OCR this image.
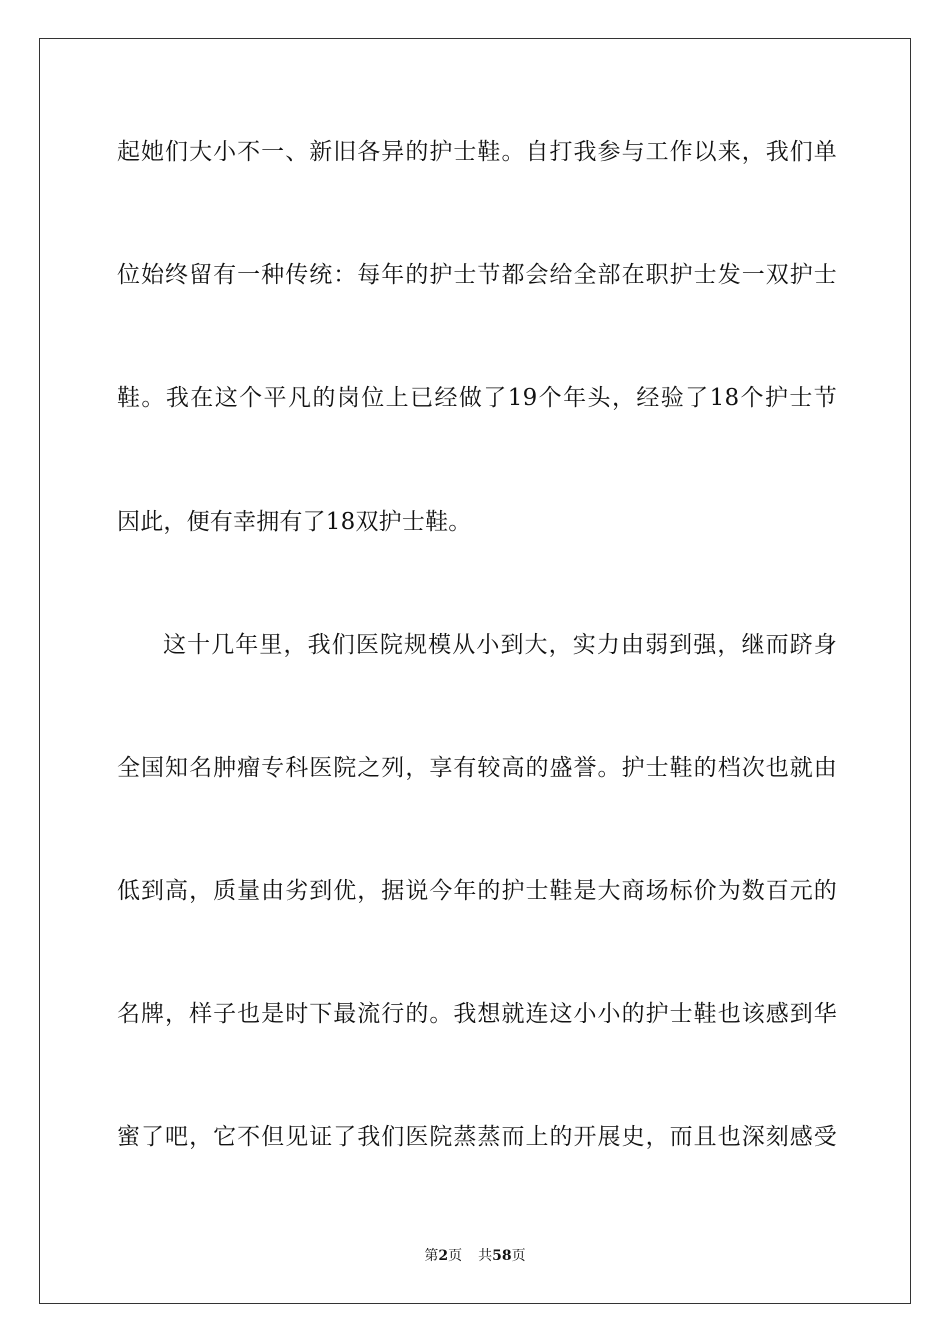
起她们大小不一、新旧各异的护士鞋。自打我参与工作以来，我们单
位始终留有一种传统：每年的护士节都会给全部在职护士发一双护士
鞋。我在这个平凡的岗位上已经做了19个年头，经验了18个护士节
因此，便有幸拥有了18双护士鞋。
这十几年里，我们医院规模从小到大，实力由弱到强，继而跻身
全国知名肿瘤专科医院之列，享有较高的盛誉。护士鞋的档次也就由
低到高，质量由劣到优，据说今年的护士鞋是大商场标价为数百元的
名牌，样子也是时下最流行的。我想就连这小小的护士鞋也该感到华
蜜了吧，它不但见证了我们医院蒸蒸而上的开展史，而且也深刻感受
第2页 共58页
